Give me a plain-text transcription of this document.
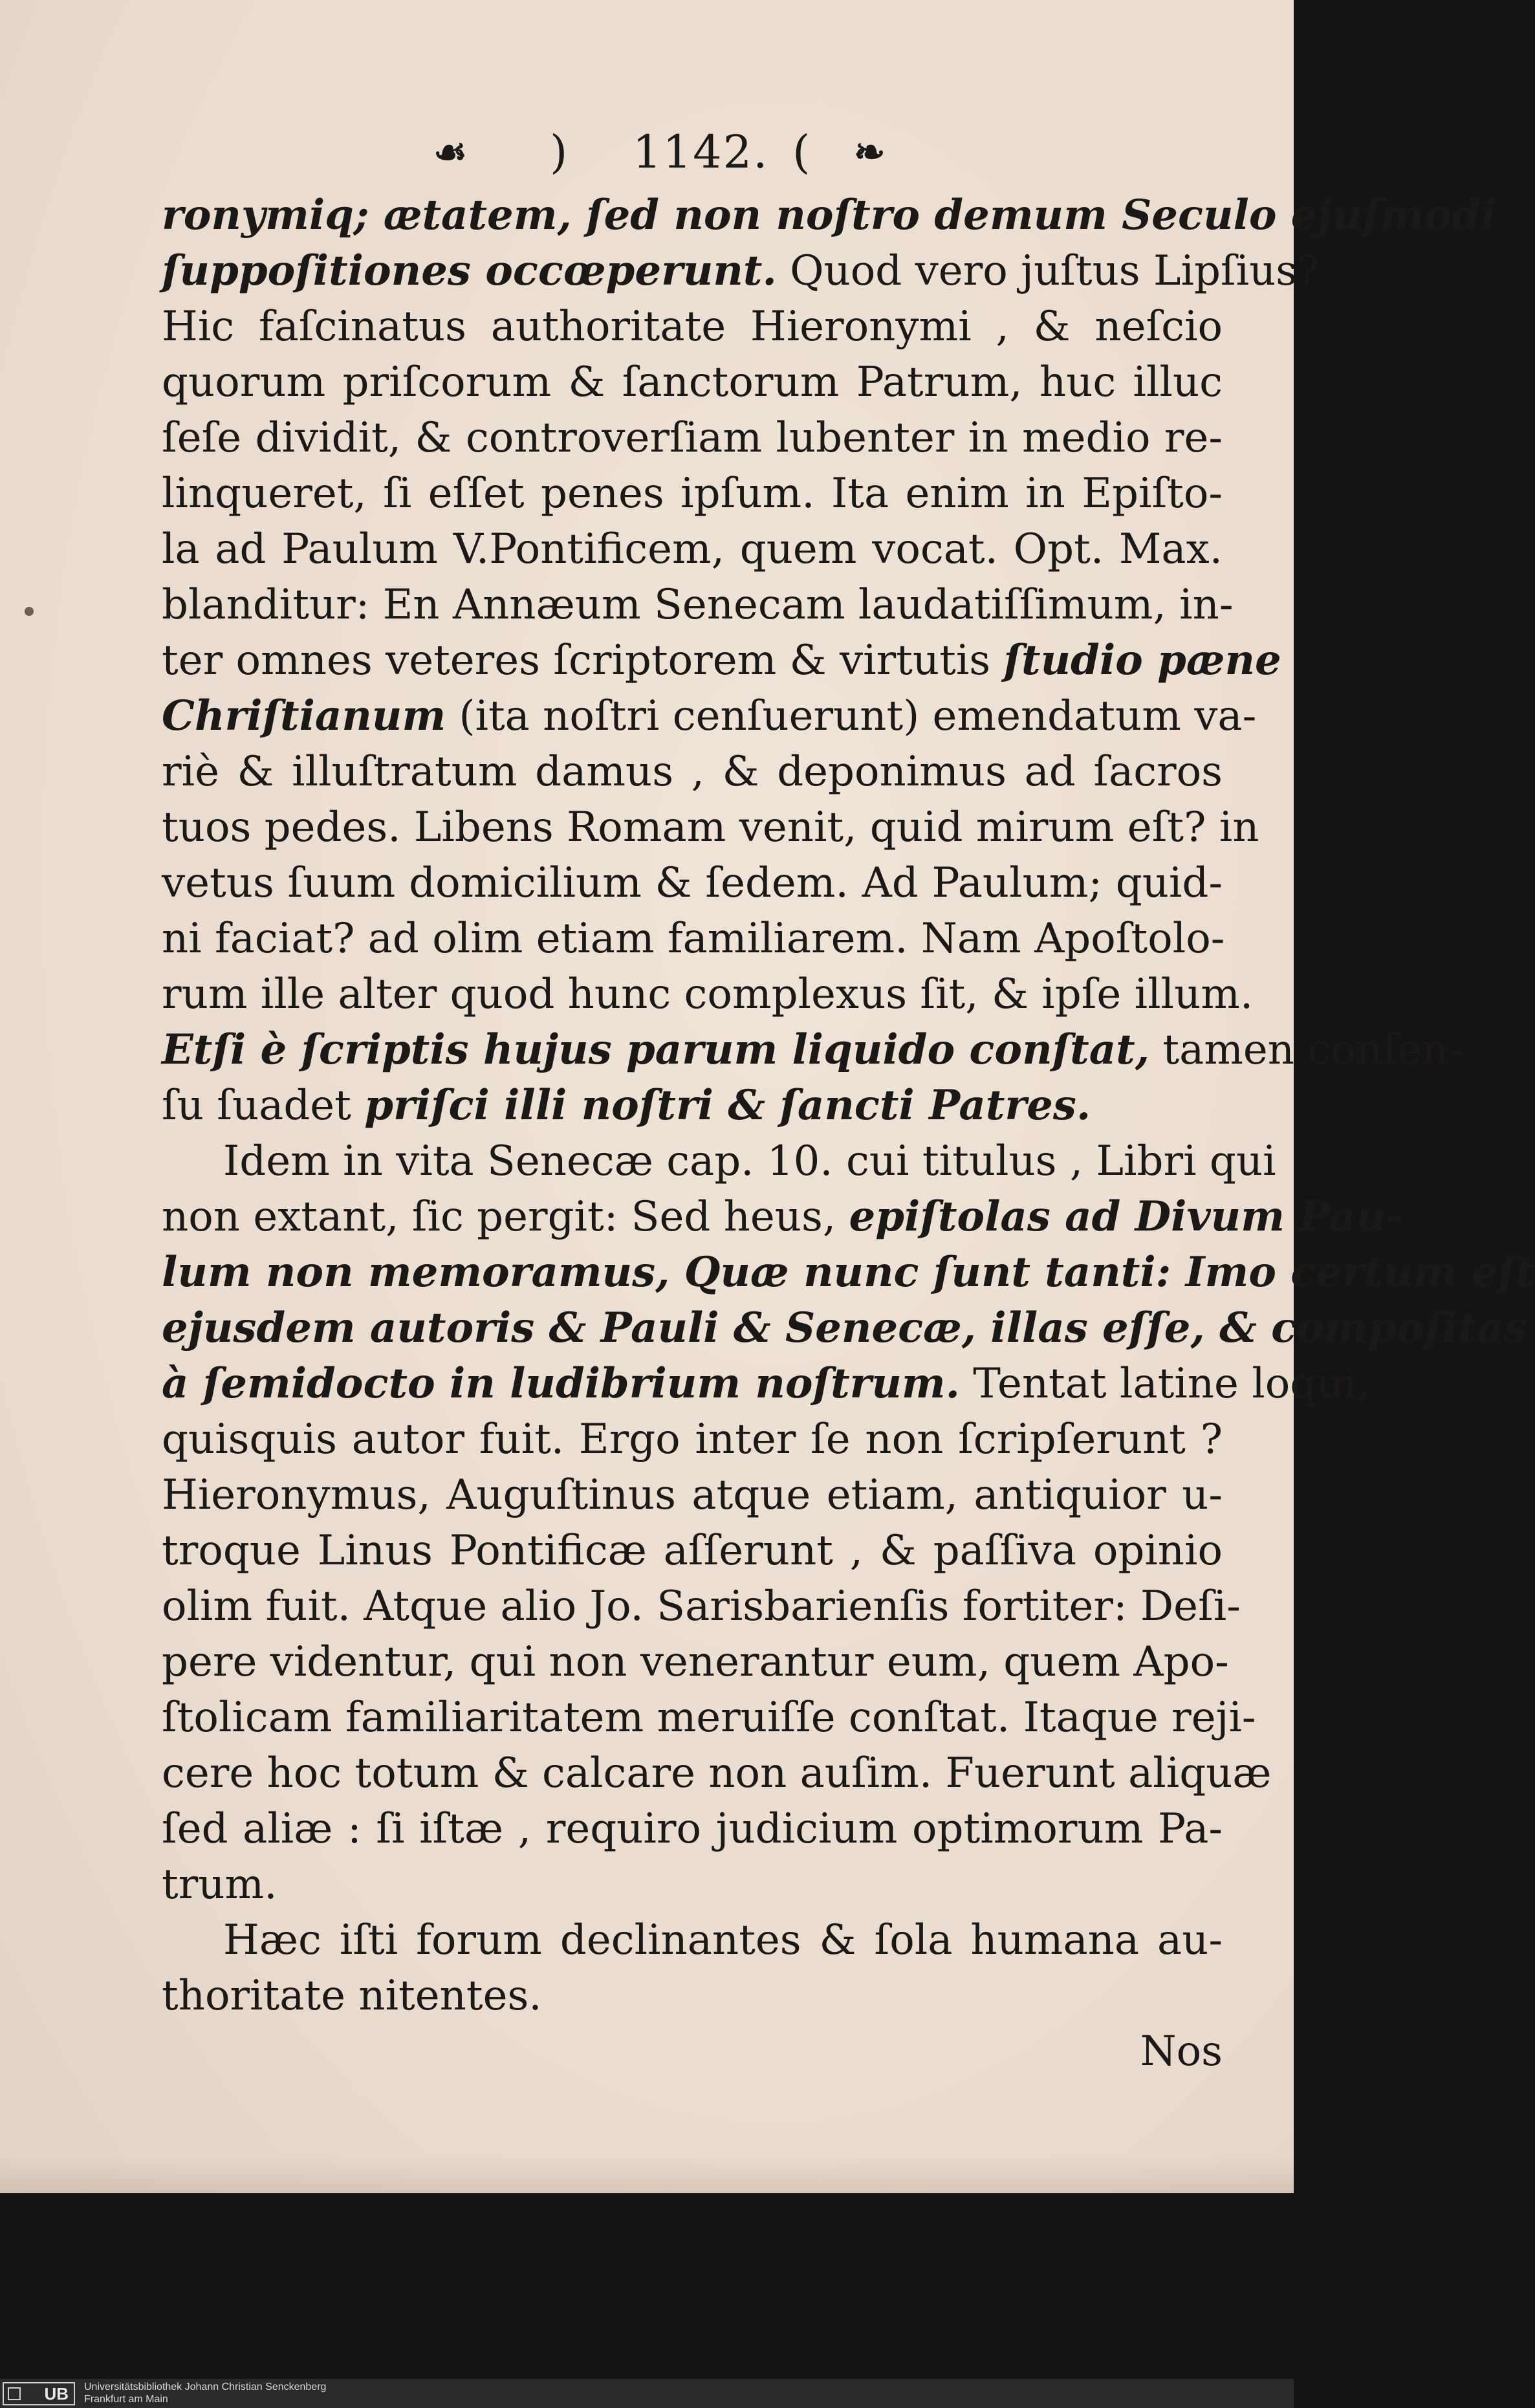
☙ ) 1142. ( ❧
ronymiq; ætatem, ſed non noſtro demum Seculo ejuſmodi
ſuppoſitiones occœperunt. Quod vero juſtus Lipſius?
Hic faſcinatus authoritate Hieronymi , & neſcio
quorum priſcorum & ſanctorum Patrum, huc illuc
ſeſe dividit, & controverſiam lubenter in medio re-
linqueret, ſi eſſet penes ipſum. Ita enim in Epiſto-
la ad Paulum V.Pontificem, quem vocat. Opt. Max.
blanditur: En Annæum Senecam laudatiſſimum, in-
ter omnes veteres ſcriptorem & virtutis ſtudio pæne
Chriſtianum (ita noſtri cenſuerunt) emendatum va-
riè & illuſtratum damus , & deponimus ad ſacros
tuos pedes. Libens Romam venit, quid mirum eſt? in
vetus ſuum domicilium & ſedem. Ad Paulum; quid-
ni faciat? ad olim etiam familiarem. Nam Apoſtolo-
rum ille alter quod hunc complexus ſit, & ipſe illum.
Etſi è ſcriptis hujus parum liquido conſtat, tamen conſen-
ſu ſuadet priſci illi noſtri & ſancti Patres.
Idem in vita Senecæ cap. 10. cui titulus , Libri qui
non extant, ſic pergit: Sed heus, epiſtolas ad Divum Pau-
lum non memoramus, Quæ nunc ſunt tanti: Imo certum eſt
ejusdem autoris & Pauli & Senecæ, illas eſſe, & compoſitas
à ſemidocto in ludibrium noſtrum. Tentat latine loqui,
quisquis autor fuit. Ergo inter ſe non ſcripſerunt ?
Hieronymus, Auguſtinus atque etiam, antiquior u-
troque Linus Pontificæ aſſerunt , & paſſiva opinio
olim fuit. Atque alio Jo. Sarisbarienſis fortiter: Deſi-
pere videntur, qui non venerantur eum, quem Apo-
ſtolicam familiaritatem meruiſſe conſtat. Itaque reji-
cere hoc totum & calcare non auſim. Fuerunt aliquæ
ſed aliæ : ſi iſtæ , requiro judicium optimorum Pa-
trum.
Hæc iſti forum declinantes & ſola humana au-
thoritate nitentes.
Nos
UB	Universitätsbibliothek Johann Christian Senckenberg
Frankfurt am Main
